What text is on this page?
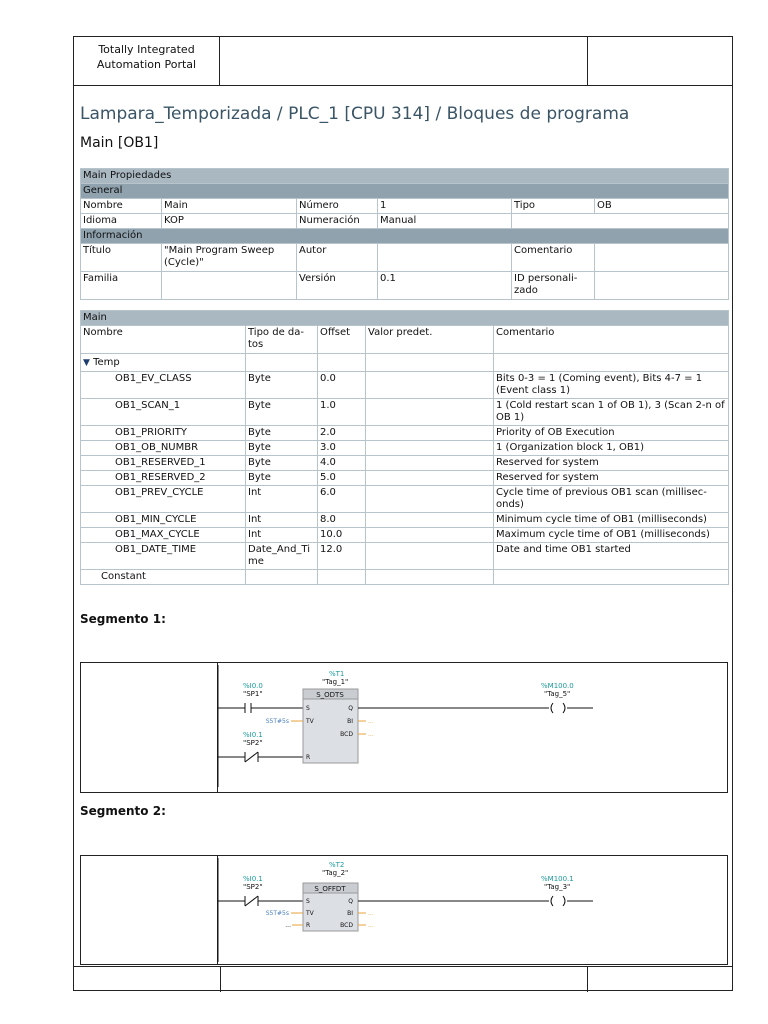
Totally Integrated Automation Portal
Lampara_Temporizada / PLC_1 [CPU 314] / Bloques de programa
Main [OB1]
Main Propiedades					
General					
Nombre	Main	Número	1	Tipo	OB
Idioma	KOP	Numeración	Manual		
Información					
Título	"Main Program Sweep (Cycle)"	Autor		Comentario	
Familia		Versión	0.1	ID personali-zado	
Main				
Nombre	Tipo de da-tos	Offset	Valor predet.	Comentario
▼ Temp				
OB1_EV_CLASS	Byte	0.0		Bits 0-3 = 1 (Coming event), Bits 4-7 = 1 (Event class 1)
OB1_SCAN_1	Byte	1.0		1 (Cold restart scan 1 of OB 1), 3 (Scan 2-n of OB 1)
OB1_PRIORITY	Byte	2.0		Priority of OB Execution
OB1_OB_NUMBR	Byte	3.0		1 (Organization block 1, OB1)
OB1_RESERVED_1	Byte	4.0		Reserved for system
OB1_RESERVED_2	Byte	5.0		Reserved for system
OB1_PREV_CYCLE	Int	6.0		Cycle time of previous OB1 scan (millisec-onds)
OB1_MIN_CYCLE	Int	8.0		Minimum cycle time of OB1 (milliseconds)
OB1_MAX_CYCLE	Int	10.0		Maximum cycle time of OB1 (milliseconds)
OB1_DATE_TIME	Date_And_Ti me	12.0		Date and time OB1 started
Constant				
Segmento 1:
%I0.0
"SP1"
%I0.1
"SP2"
%T1
"Tag_1"
S_ODTS
S
TV
R
Q
BI
BCD
S5T#5s	...
...
%M100.0
"Tag_5"
Segmento 2:
%I0.1
"SP2"
%T2
"Tag_2"
S_OFFDT
S
TV
R
Q
BI
BCD
S5T#5s
...
...
...
%M100.1
"Tag_3"
